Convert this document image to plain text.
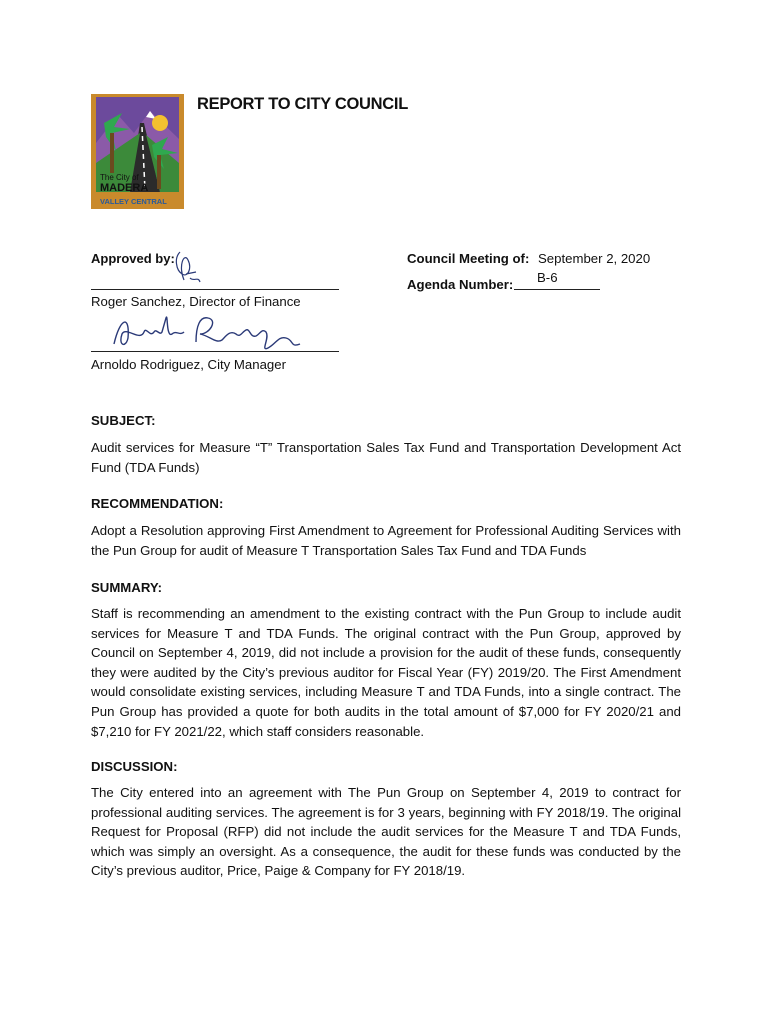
The City of
MADERA
VALLEY CENTRAL
REPORT TO CITY COUNCIL
Approved by:
Roger Sanchez, Director of Finance
Arnoldo Rodriguez, City Manager
Council Meeting of: September 2, 2020
Agenda Number:	B-6
SUBJECT:

Audit services for Measure “T” Transportation Sales Tax Fund and Transportation Development Act Fund (TDA Funds)

RECOMMENDATION:

Adopt a Resolution approving First Amendment to Agreement for Professional Auditing Services with the Pun Group for audit of Measure T Transportation Sales Tax Fund and TDA Funds

SUMMARY:

Staff is recommending an amendment to the existing contract with the Pun Group to include audit services for Measure T and TDA Funds. The original contract with the Pun Group, approved by Council on September 4, 2019, did not include a provision for the audit of these funds, consequently they were audited by the City’s previous auditor for Fiscal Year (FY) 2019/20. The First Amendment would consolidate existing services, including Measure T and TDA Funds, into a single contract. The Pun Group has provided a quote for both audits in the total amount of $7,000 for FY 2020/21 and $7,210 for FY 2021/22, which staff considers reasonable.

DISCUSSION:

The City entered into an agreement with The Pun Group on September 4, 2019 to contract for professional auditing services. The agreement is for 3 years, beginning with FY 2018/19. The original Request for Proposal (RFP) did not include the audit services for the Measure T and TDA Funds, which was simply an oversight. As a consequence, the audit for these funds was conducted by the City’s previous auditor, Price, Paige & Company for FY 2018/19.
